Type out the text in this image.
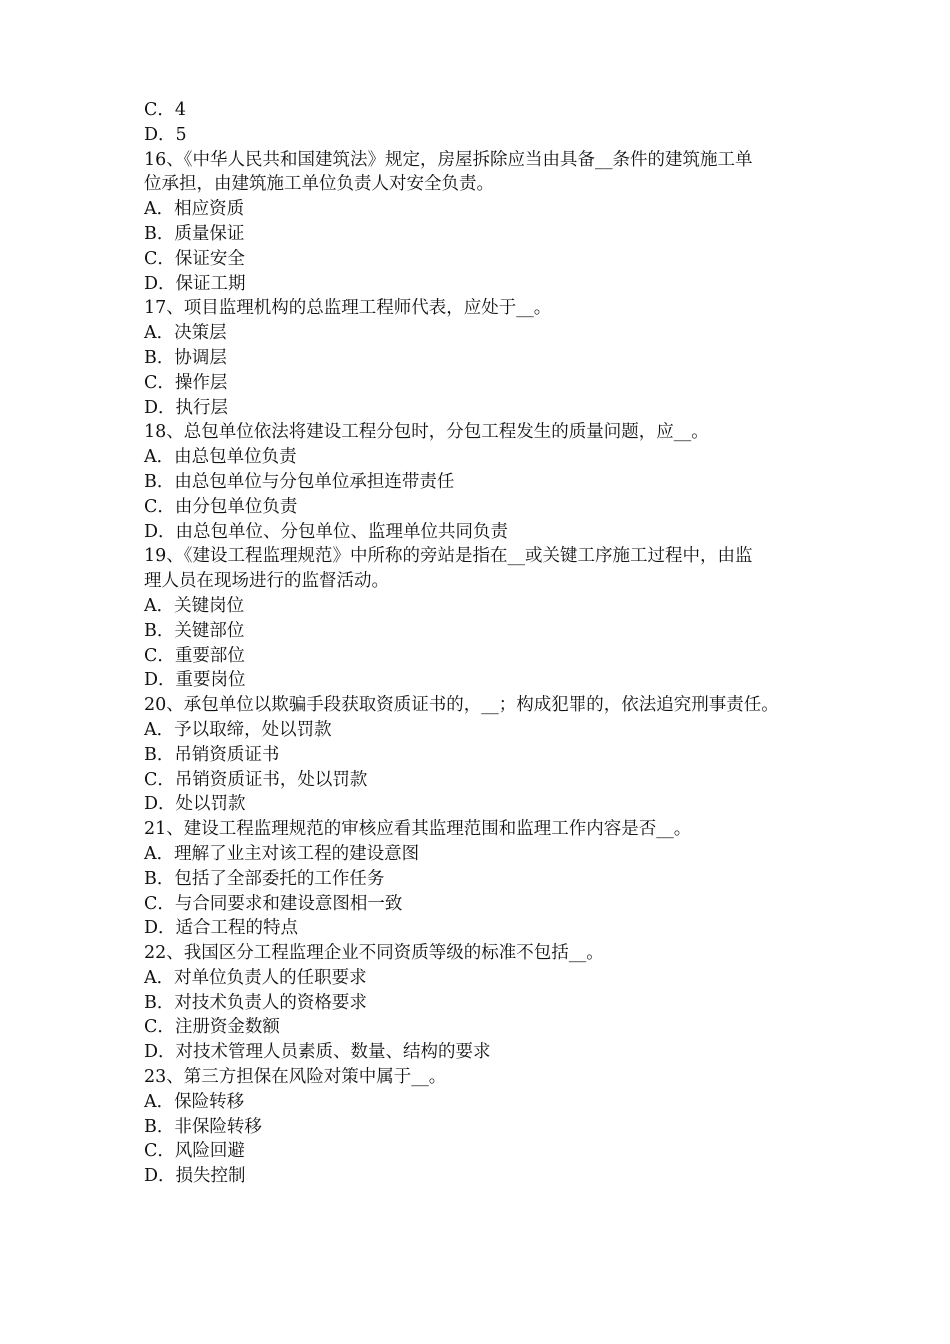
C．4
D．5
16、《中华人民共和国建筑法》规定，房屋拆除应当由具备__条件的建筑施工单
位承担，由建筑施工单位负责人对安全负责。
A．相应资质
B．质量保证
C．保证安全
D．保证工期
17、项目监理机构的总监理工程师代表，应处于__。
A．决策层
B．协调层
C．操作层
D．执行层
18、总包单位依法将建设工程分包时，分包工程发生的质量问题，应__。
A．由总包单位负责
B．由总包单位与分包单位承担连带责任
C．由分包单位负责
D．由总包单位、分包单位、监理单位共同负责
19、《建设工程监理规范》中所称的旁站是指在__或关键工序施工过程中，由监
理人员在现场进行的监督活动。
A．关键岗位
B．关键部位
C．重要部位
D．重要岗位
20、承包单位以欺骗手段获取资质证书的，__；构成犯罪的，依法追究刑事责任。
A．予以取缔，处以罚款
B．吊销资质证书
C．吊销资质证书，处以罚款
D．处以罚款
21、建设工程监理规范的审核应看其监理范围和监理工作内容是否__。
A．理解了业主对该工程的建设意图
B．包括了全部委托的工作任务
C．与合同要求和建设意图相一致
D．适合工程的特点
22、我国区分工程监理企业不同资质等级的标准不包括__。
A．对单位负责人的任职要求
B．对技术负责人的资格要求
C．注册资金数额
D．对技术管理人员素质、数量、结构的要求
23、第三方担保在风险对策中属于__。
A．保险转移
B．非保险转移
C．风险回避
D．损失控制
